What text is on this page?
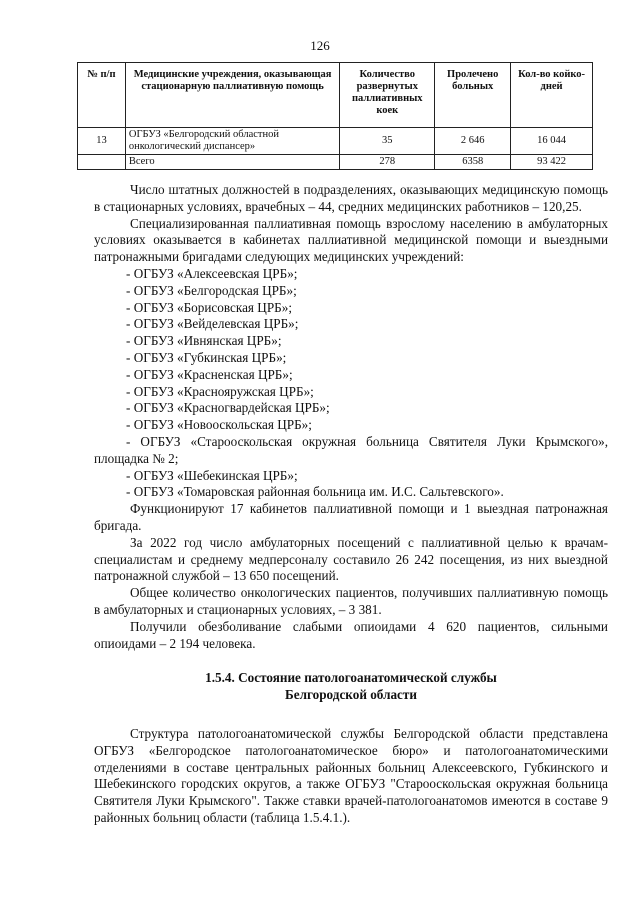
126
№ п/п	Медицинские учреждения, оказывающая стационарную паллиативную помощь	Количество развернутых паллиативных коек	Пролечено больных	Кол-во койко-дней
13	ОГБУЗ «Белгородский областной онкологический диспансер»	35	2 646	16 044
	Всего	278	6358	93 422

Число штатных должностей в подразделениях, оказывающих медицинскую помощь в стационарных условиях, врачебных – 44, средних медицинских работников – 120,25.

Специализированная паллиативная помощь взрослому населению в амбулаторных условиях оказывается в кабинетах паллиативной медицинской помощи и выездными патронажными бригадами следующих медицинских учреждений:

- ОГБУЗ «Алексеевская ЦРБ»;

- ОГБУЗ «Белгородская ЦРБ»;

- ОГБУЗ «Борисовская ЦРБ»;

- ОГБУЗ «Вейделевская ЦРБ»;

- ОГБУЗ «Ивнянская ЦРБ»;

- ОГБУЗ «Губкинская ЦРБ»;

- ОГБУЗ «Красненская ЦРБ»;

- ОГБУЗ «Краснояружская ЦРБ»;

- ОГБУЗ «Красногвардейская ЦРБ»;

- ОГБУЗ «Новооскольская ЦРБ»;

- ОГБУЗ «Старооскольская окружная больница Святителя Луки Крымского», площадка № 2;

- ОГБУЗ «Шебекинская ЦРБ»;

- ОГБУЗ «Томаровская районная больница им. И.С. Сальтевского».

Функционируют 17 кабинетов паллиативной помощи и 1 выездная патронажная бригада.

За 2022 год число амбулаторных посещений с паллиативной целью к врачам-специалистам и среднему медперсоналу составило 26 242 посещения, из них выездной патронажной службой – 13 650 посещений.

Общее количество онкологических пациентов, получивших паллиативную помощь в амбулаторных и стационарных условиях, – 3 381.

Получили обезболивание слабыми опиоидами 4 620 пациентов, сильными опиоидами – 2 194 человека.

1.5.4. Состояние патологоанатомической службы

Белгородской области

Структура патологоанатомической службы Белгородской области представлена ОГБУЗ «Белгородское патологоанатомическое бюро» и патологоанатомическими отделениями в составе центральных районных больниц Алексеевского, Губкинского и Шебекинского городских округов, а также ОГБУЗ "Старооскольская окружная больница Святителя Луки Крымского". Также ставки врачей-патологоанатомов имеются в составе 9 районных больниц области (таблица 1.5.4.1.).
